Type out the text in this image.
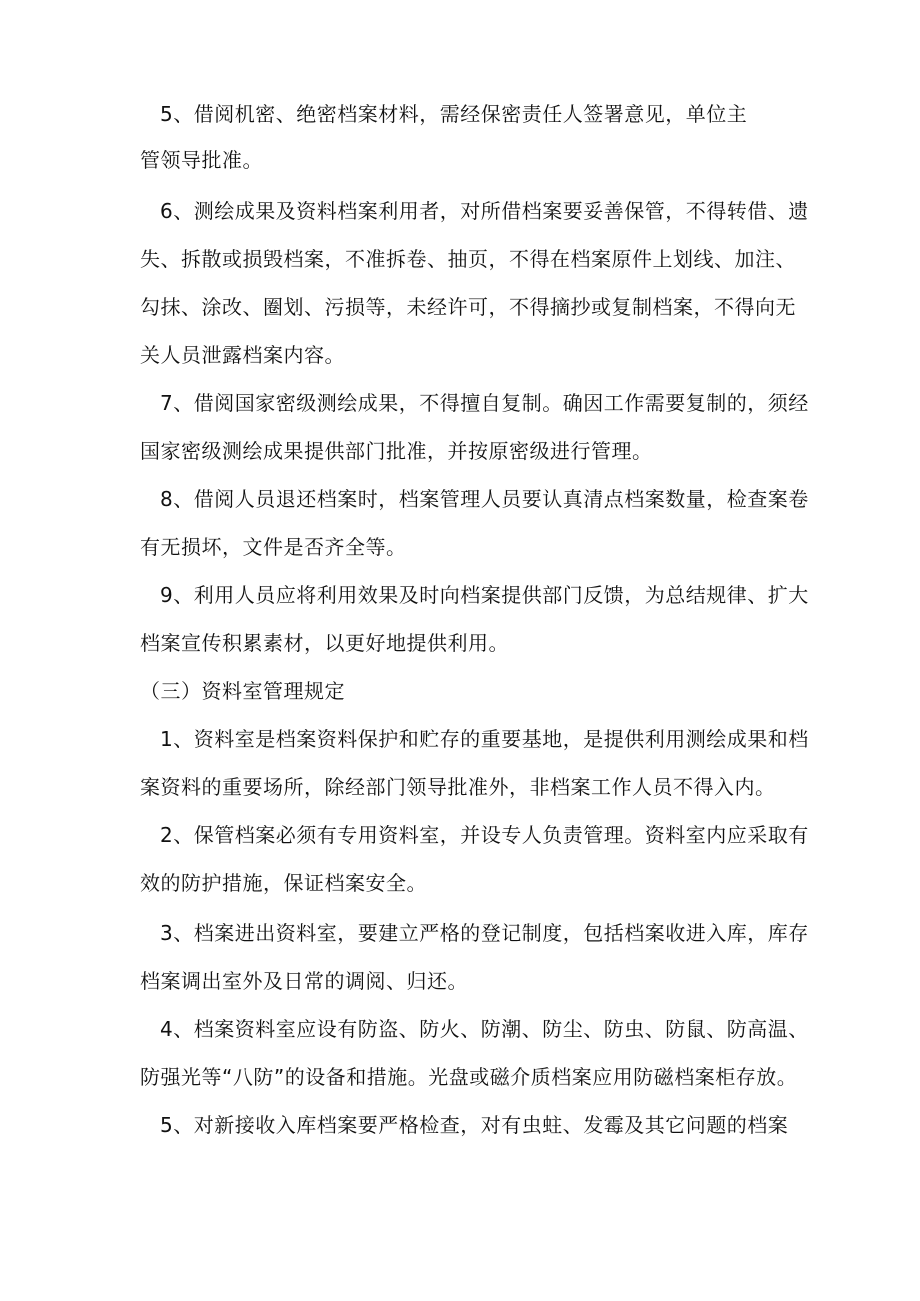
5、借阅机密、绝密档案材料，需经保密责任人签署意见，单位主
管领导批准。
6、测绘成果及资料档案利用者，对所借档案要妥善保管，不得转借、遗
失、拆散或损毁档案，不准拆卷、抽页，不得在档案原件上划线、加注、
勾抹、涂改、圈划、污损等，未经许可，不得摘抄或复制档案，不得向无
关人员泄露档案内容。
7、借阅国家密级测绘成果，不得擅自复制。确因工作需要复制的，须经
国家密级测绘成果提供部门批准，并按原密级进行管理。
8、借阅人员退还档案时，档案管理人员要认真清点档案数量，检查案卷
有无损坏，文件是否齐全等。
9、利用人员应将利用效果及时向档案提供部门反馈，为总结规律、扩大
档案宣传积累素材，以更好地提供利用。
（三）资料室管理规定
1、资料室是档案资料保护和贮存的重要基地，是提供利用测绘成果和档
案资料的重要场所，除经部门领导批准外，非档案工作人员不得入内。
2、保管档案必须有专用资料室，并设专人负责管理。资料室内应采取有
效的防护措施，保证档案安全。
3、档案进出资料室，要建立严格的登记制度，包括档案收进入库，库存
档案调出室外及日常的调阅、归还。
4、档案资料室应设有防盗、防火、防潮、防尘、防虫、防鼠、防高温、
防强光等“八防”的设备和措施。光盘或磁介质档案应用防磁档案柜存放。
5、对新接收入库档案要严格检查，对有虫蛀、发霉及其它问题的档案
